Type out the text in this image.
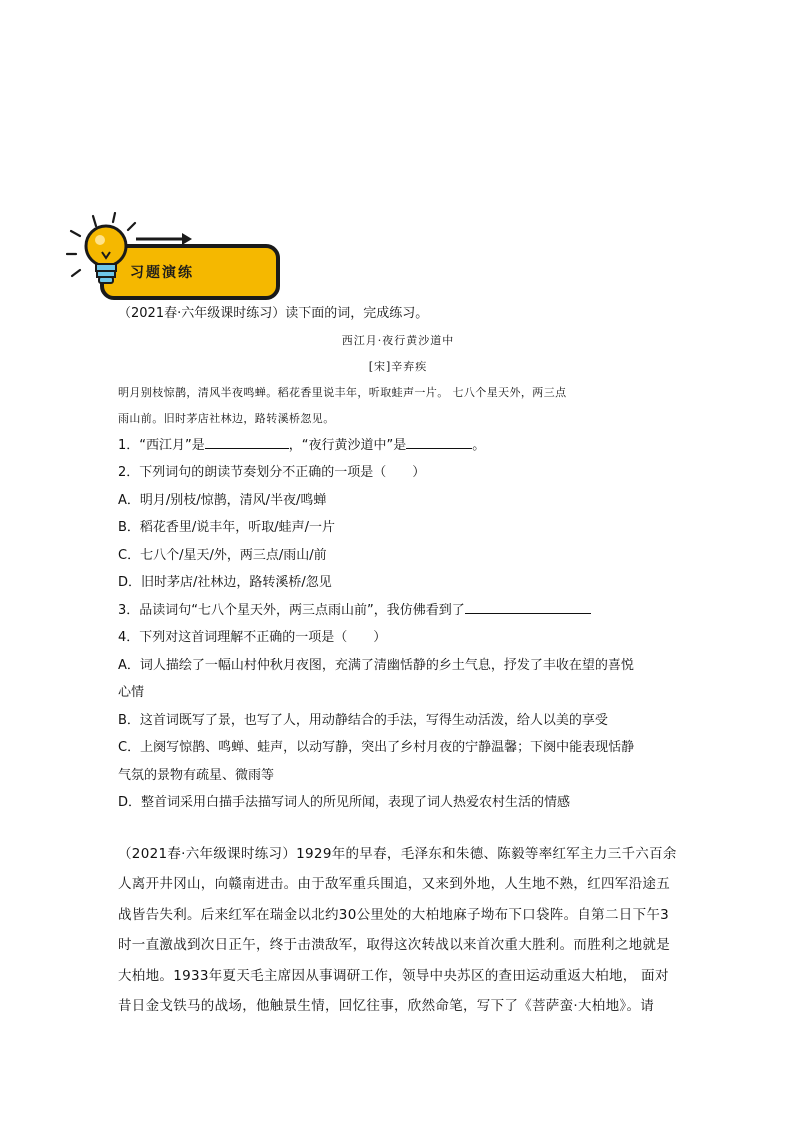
习题演练
（2021春·六年级课时练习）读下面的词，完成练习。
西江月·夜行黄沙道中
[宋]辛弃疾
明月别枝惊鹊，清风半夜鸣蝉。稻花香里说丰年，听取蛙声一片。 七八个星天外，两三点
雨山前。旧时茅店社林边，路转溪桥忽见。
1．“西江月”是	，“夜行黄沙道中”是	。
2．下列词句的朗读节奏划分不正确的一项是（　　）
A．明月/别枝/惊鹊，清风/半夜/鸣蝉
B．稻花香里/说丰年，听取/蛙声/一片
C．七八个/星天/外，两三点/雨山/前
D．旧时茅店/社林边，路转溪桥/忽见
3．品读词句“七八个星天外，两三点雨山前”，我仿佛看到了
4．下列对这首词理解不正确的一项是（　　）
A．词人描绘了一幅山村仲秋月夜图，充满了清幽恬静的乡土气息，抒发了丰收在望的喜悦
心情
B．这首词既写了景，也写了人，用动静结合的手法，写得生动活泼，给人以美的享受
C．上阕写惊鹊、鸣蝉、蛙声，以动写静，突出了乡村月夜的宁静温馨；下阕中能表现恬静
气氛的景物有疏星、微雨等
D．整首词采用白描手法描写词人的所见所闻，表现了词人热爱农村生活的情感
（2021春·六年级课时练习）1929年的早春，毛泽东和朱德、陈毅等率红军主力三千六百余
人离开井冈山，向赣南进击。由于敌军重兵围追，又来到外地，人生地不熟，红四军沿途五
战皆告失利。后来红军在瑞金以北约30公里处的大柏地麻子坳布下口袋阵。自第二日下午3
时一直激战到次日正午，终于击溃敌军，取得这次转战以来首次重大胜利。而胜利之地就是
大柏地。1933年夏天毛主席因从事调研工作，领导中央苏区的查田运动重返大柏地， 面对
昔日金戈铁马的战场，他触景生情，回忆往事，欣然命笔，写下了《菩萨蛮·大柏地》。请
